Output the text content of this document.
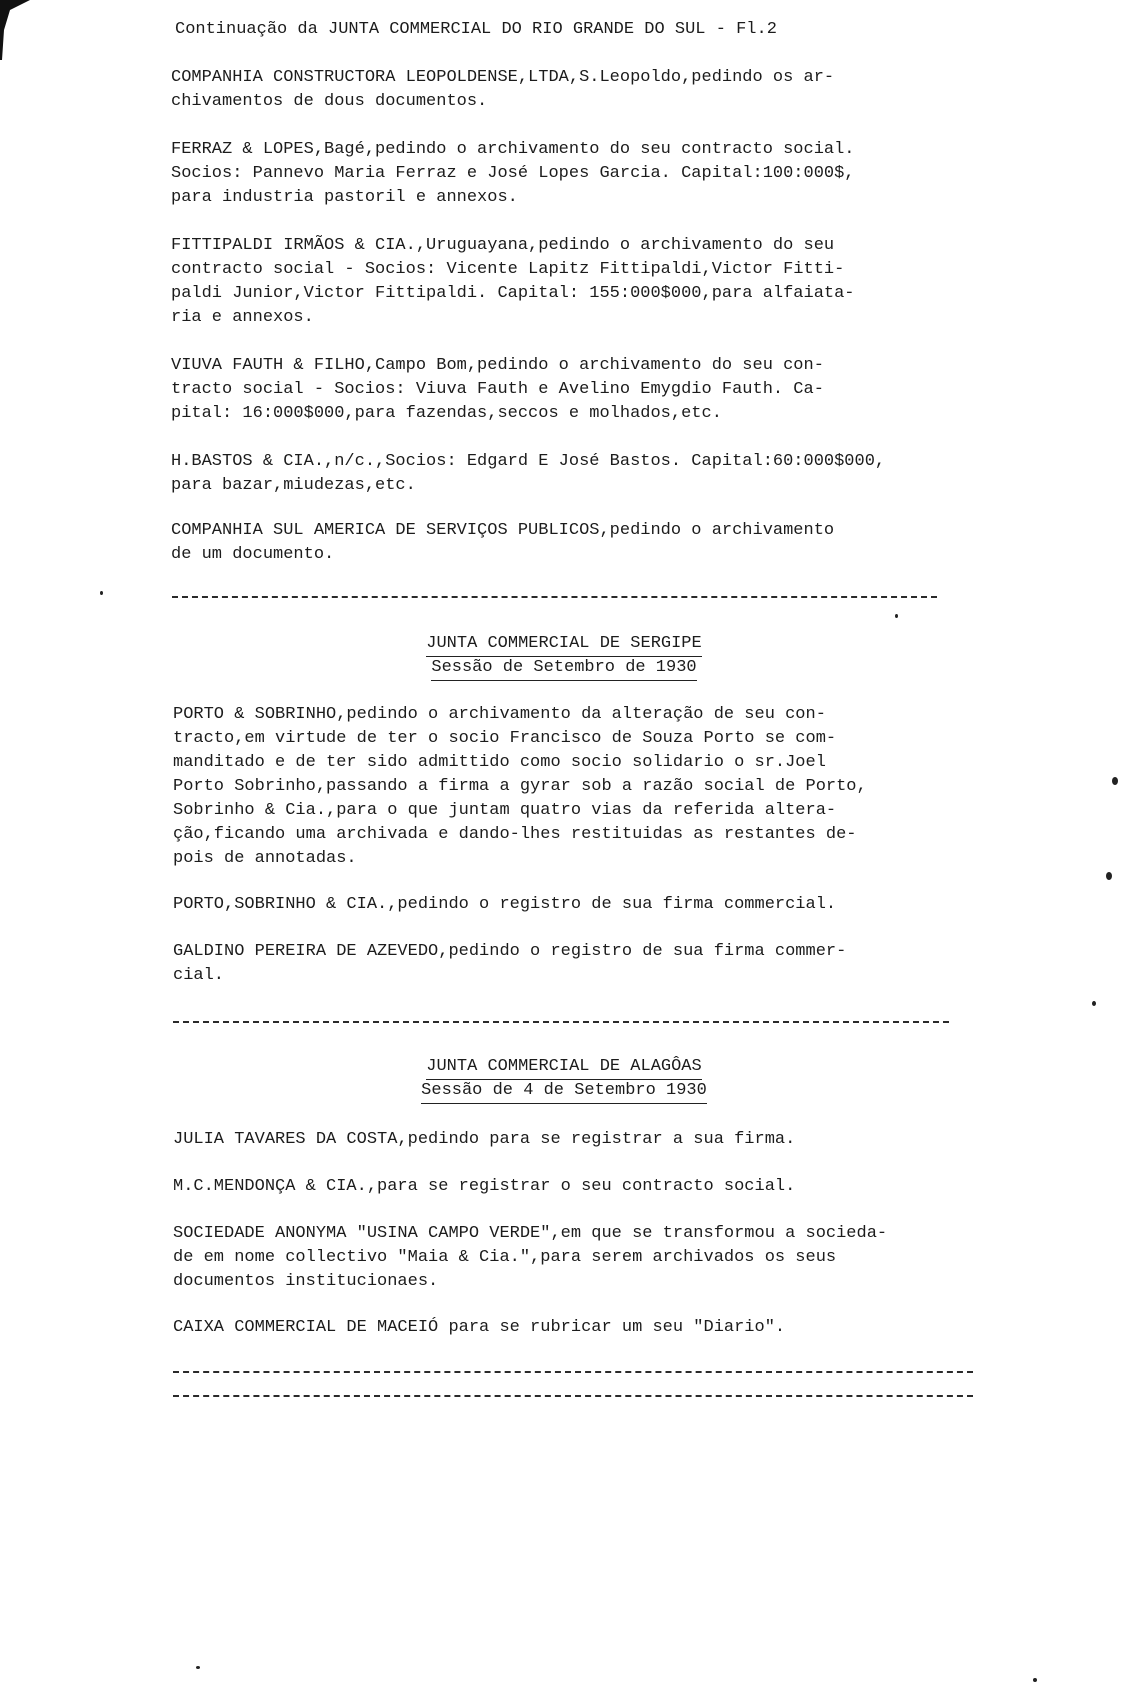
Continuação da JUNTA COMMERCIAL DO RIO GRANDE DO SUL - Fl.2
COMPANHIA CONSTRUCTORA LEOPOLDENSE,LTDA,S.Leopoldo,pedindo os ar-
chivamentos de dous documentos.
FERRAZ & LOPES,Bagé,pedindo o archivamento do seu contracto social.
Socios: Pannevo Maria Ferraz e José Lopes Garcia. Capital:100:000$,
para industria pastoril e annexos.
FITTIPALDI IRMÃOS & CIA.,Uruguayana,pedindo o archivamento do seu
contracto social - Socios: Vicente Lapitz Fittipaldi,Victor Fitti-
paldi Junior,Victor Fittipaldi. Capital: 155:000$000,para alfaiata-
ria e annexos.
VIUVA FAUTH & FILHO,Campo Bom,pedindo o archivamento do seu con-
tracto social - Socios: Viuva Fauth e Avelino Emygdio Fauth. Ca-
pital: 16:000$000,para fazendas,seccos e molhados,etc.
H.BASTOS & CIA.,n/c.,Socios: Edgard E José Bastos. Capital:60:000$000,
para bazar,miudezas,etc.
COMPANHIA SUL AMERICA DE SERVIÇOS PUBLICOS,pedindo o archivamento
de um documento.
JUNTA COMMERCIAL DE SERGIPE
Sessão de Setembro de 1930
PORTO & SOBRINHO,pedindo o archivamento da alteração de seu con-
tracto,em virtude de ter o socio Francisco de Souza Porto se com-
manditado e de ter sido admittido como socio solidario o sr.Joel
Porto Sobrinho,passando a firma a gyrar sob a razão social de Porto,
Sobrinho & Cia.,para o que juntam quatro vias da referida altera-
ção,ficando uma archivada e dando-lhes restituidas as restantes de-
pois de annotadas.
PORTO,SOBRINHO & CIA.,pedindo o registro de sua firma commercial.
GALDINO PEREIRA DE AZEVEDO,pedindo o registro de sua firma commer-
cial.
JUNTA COMMERCIAL DE ALAGÔAS
Sessão de 4 de Setembro 1930
JULIA TAVARES DA COSTA,pedindo para se registrar a sua firma.
M.C.MENDONÇA & CIA.,para se registrar o seu contracto social.
SOCIEDADE ANONYMA "USINA CAMPO VERDE",em que se transformou a socieda-
de em nome collectivo "Maia & Cia.",para serem archivados os seus
documentos institucionaes.
CAIXA COMMERCIAL DE MACEIÓ para se rubricar um seu "Diario".
